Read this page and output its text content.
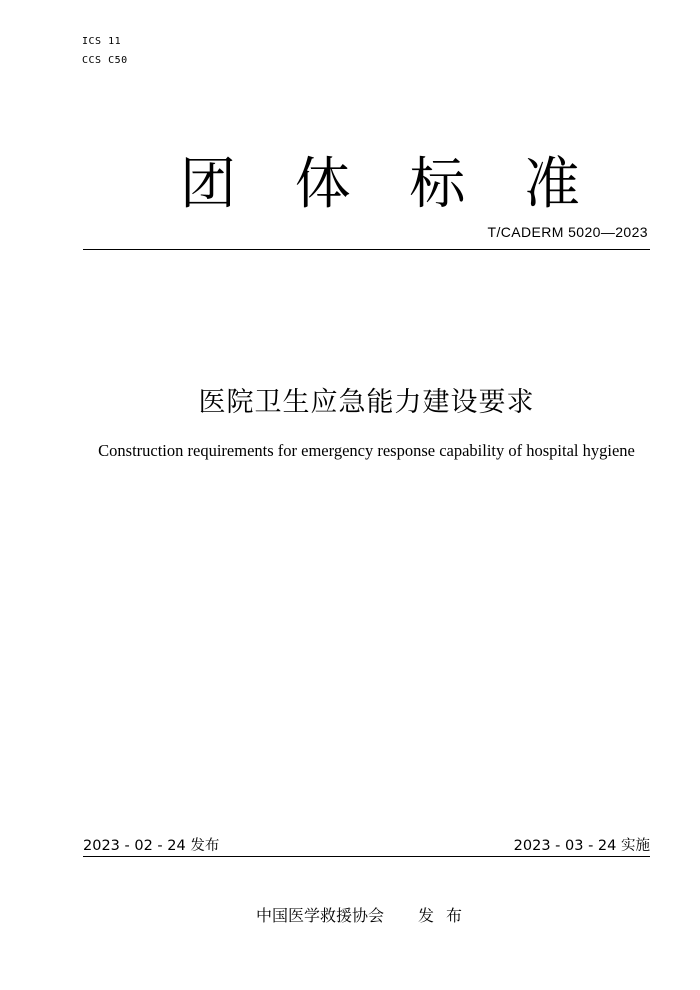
ICS 11
CCS C50
团 体 标 准
T/CADERM 5020—2023
医院卫生应急能力建设要求
Construction requirements for emergency response capability of hospital hygiene
2023 - 02 - 24 发布	2023 - 03 - 24 实施
中国医学救援协会 发布
